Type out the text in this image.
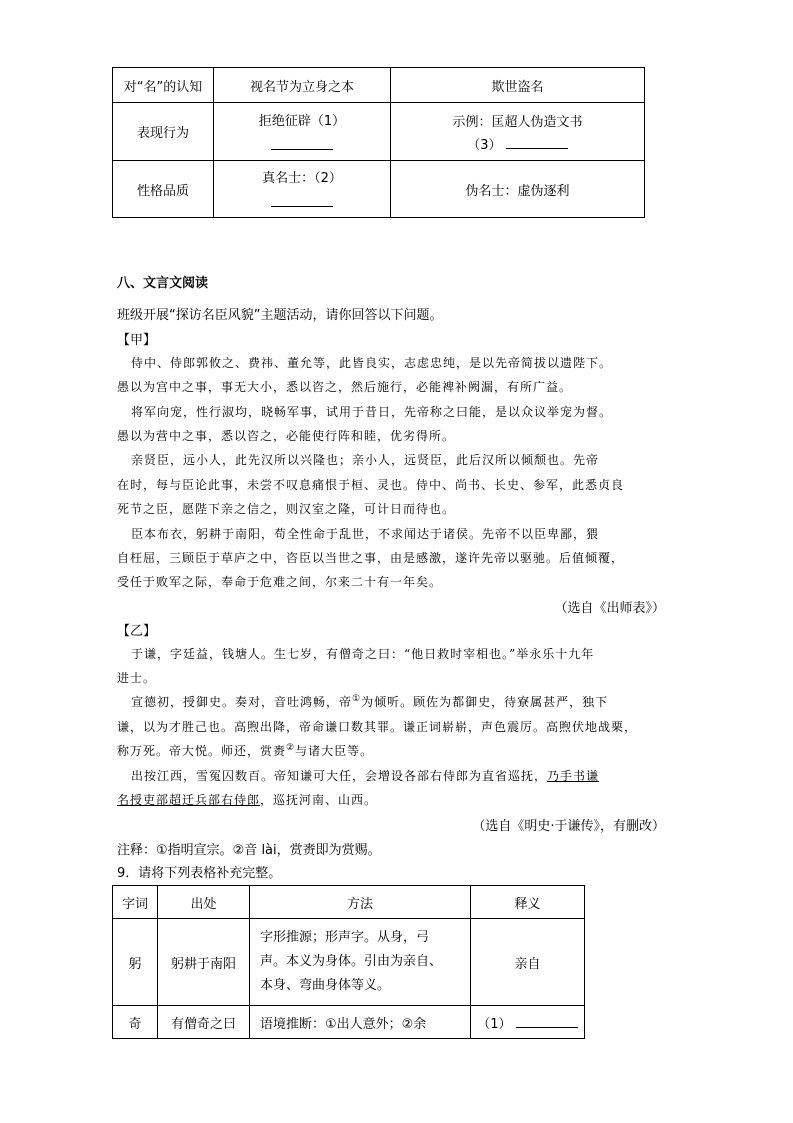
对“名”的认知	视名节为立身之本	欺世盗名
表现行为	拒绝征辟（1）	示例：匡超人伪造文书
（3）

性格品质	真名士：（2）	伪名士：虚伪逐利
八、文言文阅读
班级开展“探访名臣风貌”主题活动，请你回答以下问题。
【甲】
侍中、侍郎郭攸之、费祎、董允等，此皆良实，志虑忠纯，是以先帝简拔以遗陛下。
愚以为宫中之事，事无大小，悉以咨之，然后施行，必能裨补阙漏，有所广益。
将军向宠，性行淑均，晓畅军事，试用于昔日，先帝称之曰能，是以众议举宠为督。
愚以为营中之事，悉以咨之，必能使行阵和睦，优劣得所。
亲贤臣，远小人，此先汉所以兴隆也；亲小人，远贤臣，此后汉所以倾颓也。先帝
在时，每与臣论此事，未尝不叹息痛恨于桓、灵也。侍中、尚书、长史、参军，此悉贞良
死节之臣，愿陛下亲之信之，则汉室之隆，可计日而待也。
臣本布衣，躬耕于南阳，苟全性命于乱世，不求闻达于诸侯。先帝不以臣卑鄙，猥
自枉屈，三顾臣于草庐之中，咨臣以当世之事，由是感激，遂许先帝以驱驰。后值倾覆，
受任于败军之际，奉命于危难之间，尔来二十有一年矣。
（选自《出师表》）
【乙】
于谦，字廷益，钱塘人。生七岁，有僧奇之曰：“他日救时宰相也。”举永乐十九年
进士。
宣德初，授御史。奏对，音吐鸿畅，帝①为倾听。顾佐为都御史，待寮属甚严，独下
谦，以为才胜己也。高煦出降，帝命谦口数其罪。谦正词崭崭，声色震厉。高煦伏地战栗，
称万死。帝大悦。师还，赏赉②与诸大臣等。
出按江西，雪冤囚数百。帝知谦可大任，会增设各部右侍郎为直省巡抚，乃手书谦
名授吏部超迁兵部右侍郎，巡抚河南、山西。
（选自《明史·于谦传》，有删改）
注释：①指明宣宗。②音 lài，赏赉即为赏赐。
9．请将下列表格补充完整。
字词	出处	方法	释义
躬	躬耕于南阳	字形推源；形声字。从身，弓
声。本义为身体。引由为亲自、
本身、弯曲身体等义。	亲自
奇	有僧奇之曰	语境推断：①出人意外；②余	（1）
